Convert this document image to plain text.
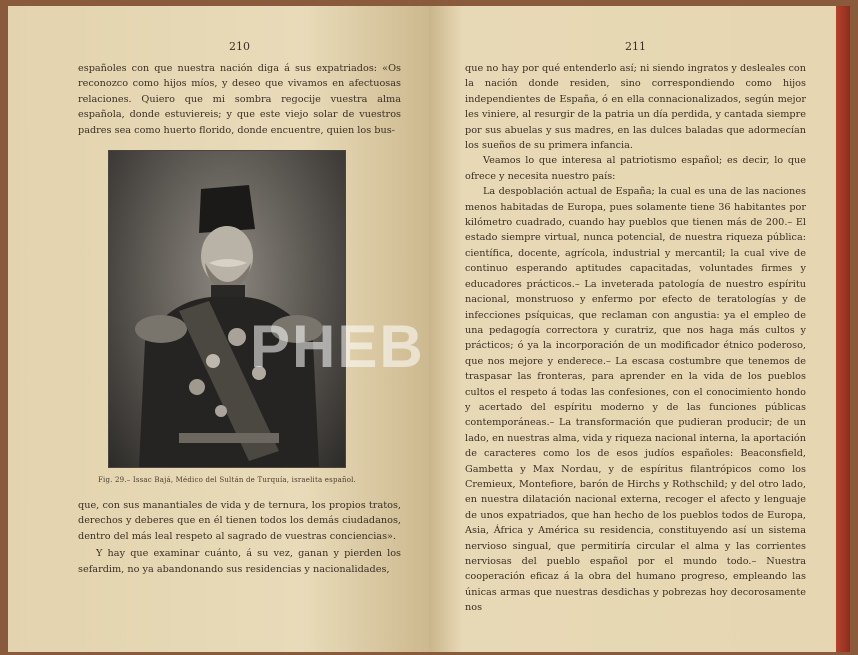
210

españoles con que nuestra nación diga á sus expatriados: «Os reconozco como hijos míos, y deseo que vivamos en afectuosas relaciones. Quiero que mi sombra regocije vuestra alma española, donde estuviereis; y que este viejo solar de vuestros padres sea como huerto florido, donde encuentre, quien los bus-

Fig. 29.– Issac Bajá, Médico del Sultán de Turquía, israelita español.

que, con sus manantiales de vida y de ternura, los propios tratos, derechos y deberes que en él tienen todos los demás ciudadanos, dentro del más leal respeto al sagrado de vuestras conciencias».

Y hay que examinar cuánto, á su vez, ganan y pierden los sefardim, no ya abandonando sus residencias y nacionalidades,

211

que no hay por qué entenderlo así; ni siendo ingratos y desleales con la nación donde residen, sino correspondiendo como hijos independientes de España, ó en ella connacionalizados, según mejor les viniere, al resurgir de la patria un día perdida, y cantada siempre por sus abuelas y sus madres, en las dulces baladas que adormecían los sueños de su primera infancia.

Veamos lo que interesa al patriotismo español; es decir, lo que ofrece y necesita nuestro país:

La despoblación actual de España; la cual es una de las naciones menos habitadas de Europa, pues solamente tiene 36 habitantes por kilómetro cuadrado, cuando hay pueblos que tienen más de 200.– El estado siempre virtual, nunca potencial, de nuestra riqueza pública: científica, docente, agrícola, industrial y mercantil; la cual vive de continuo esperando aptitudes capacitadas, voluntades firmes y educadores prácticos.– La inveterada patología de nuestro espíritu nacional, monstruoso y enfermo por efecto de teratologías y de infecciones psíquicas, que reclaman con angustia: ya el empleo de una pedagogía correctora y curatriz, que nos haga más cultos y prácticos; ó ya la incorporación de un modificador étnico poderoso, que nos mejore y enderece.– La escasa costumbre que tenemos de traspasar las fronteras, para aprender en la vida de los pueblos cultos el respeto á todas las confesiones, con el conocimiento hondo y acertado del espíritu moderno y de las funciones públicas contemporáneas.– La transformación que pudieran producir; de un lado, en nuestras alma, vida y riqueza nacional interna, la aportación de caracteres como los de esos judíos españoles: Beaconsfield, Gambetta y Max Nordau, y de espíritus filantrópicos como los Cremieux, Montefiore, barón de Hirchs y Rothschild; y del otro lado, en nuestra dilatación nacional externa, recoger el afecto y lenguaje de unos expatriados, que han hecho de los pueblos todos de Europa, Asia, África y América su residencia, constituyendo así un sistema nervioso singual, que permitiría circular el alma y las corrientes nerviosas del pueblo español por el mundo todo.– Nuestra cooperación eficaz á la obra del humano progreso, empleando las únicas armas que nuestras desdichas y pobrezas hoy decorosamente nos

PHEB
